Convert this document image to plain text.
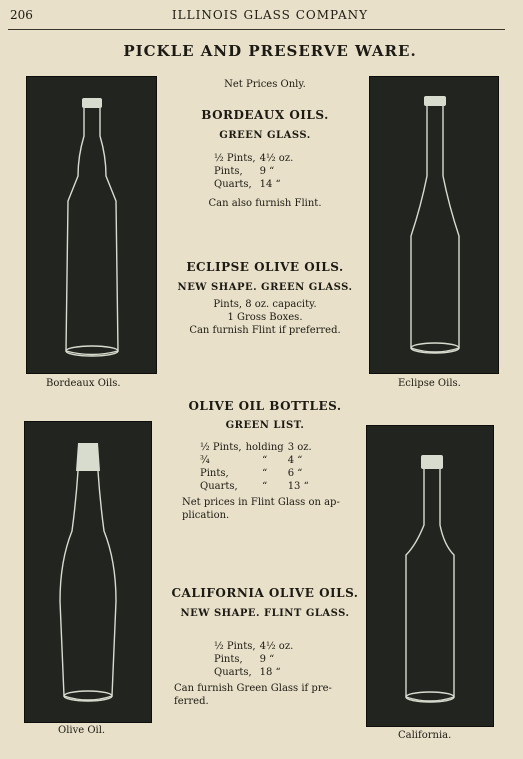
206	ILLINOIS GLASS COMPANY
PICKLE AND PRESERVE WARE.
Bordeaux Oils.	Eclipse Oils.
Olive Oil.	California.
Net Prices Only.
BORDEAUX OILS.
GREEN GLASS.
½ Pints,	4½ oz.
Pints,	9 “
Quarts,	14 “
Can also furnish Flint.
ECLIPSE OLIVE OILS.
NEW SHAPE. GREEN GLASS.
Pints, 8 oz. capacity.
1 Gross Boxes.
Can furnish Flint if preferred.
OLIVE OIL BOTTLES.
GREEN LIST.
½ Pints,	holding	3 oz.
¾	“	4 “
Pints,	“	6 “
Quarts,	“	13 “
Net prices in Flint Glass on ap-
plication.
CALIFORNIA OLIVE OILS.
NEW SHAPE. FLINT GLASS.
½ Pints,	4½ oz.
Pints,	9 “
Quarts,	18 “
Can furnish Green Glass if pre-
ferred.
